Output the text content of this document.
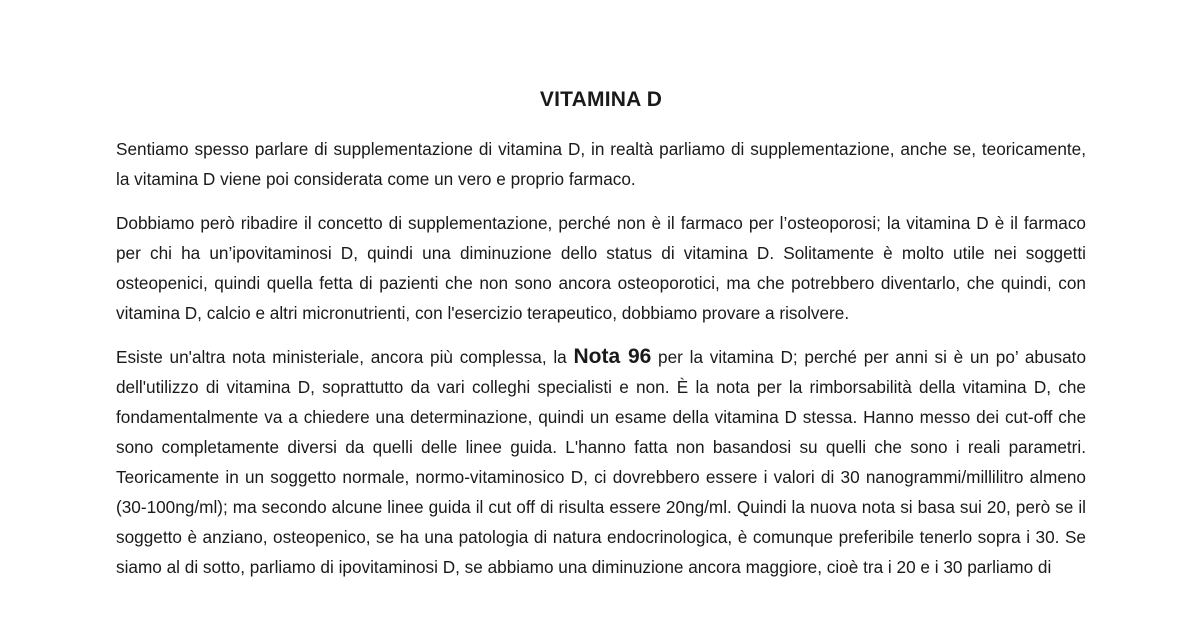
VITAMINA D

Sentiamo spesso parlare di supplementazione di vitamina D, in realtà parliamo di supplementazione, anche se, teoricamente, la vitamina D viene poi considerata come un vero e proprio farmaco.

Dobbiamo però ribadire il concetto di supplementazione, perché non è il farmaco per l’osteoporosi; la vitamina D è il farmaco per chi ha un’ipovitaminosi D, quindi una diminuzione dello status di vitamina D. Solitamente è molto utile nei soggetti osteopenici, quindi quella fetta di pazienti che non sono ancora osteoporotici, ma che potrebbero diventarlo, che quindi, con vitamina D, calcio e altri micronutrienti, con l'esercizio terapeutico, dobbiamo provare a risolvere.

Esiste un'altra nota ministeriale, ancora più complessa, la Nota 96 per la vitamina D; perché per anni si è un po’ abusato dell'utilizzo di vitamina D, soprattutto da vari colleghi specialisti e non. È la nota per la rimborsabilità della vitamina D, che fondamentalmente va a chiedere una determinazione, quindi un esame della vitamina D stessa. Hanno messo dei cut-off che sono completamente diversi da quelli delle linee guida. L'hanno fatta non basandosi su quelli che sono i reali parametri. Teoricamente in un soggetto normale, normo-vitaminosico D, ci dovrebbero essere i valori di 30 nanogrammi/millilitro almeno (30-100ng/ml); ma secondo alcune linee guida il cut off di risulta essere 20ng/ml. Quindi la nuova nota si basa sui 20, però se il soggetto è anziano, osteopenico, se ha una patologia di natura endocrinologica, è comunque preferibile tenerlo sopra i 30. Se siamo al di sotto, parliamo di ipovitaminosi D, se abbiamo una diminuzione ancora maggiore, cioè tra i 20 e i 30 parliamo di
